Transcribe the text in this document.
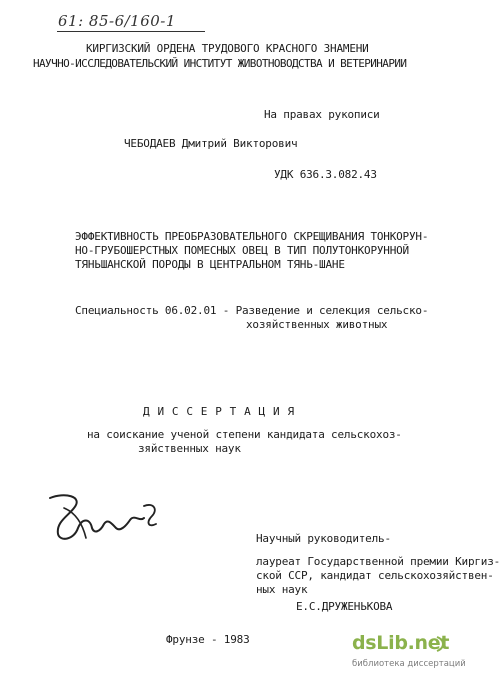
61: 85-6/160-1
КИРГИЗСКИЙ ОРДЕНА ТРУДОВОГО КРАСНОГО ЗНАМЕНИ
НАУЧНО-ИССЛЕДОВАТЕЛЬСКИЙ ИНСТИТУТ ЖИВОТНОВОДСТВА И ВЕТЕРИНАРИИ
На правах рукописи
ЧЕБОДАЕВ Дмитрий Викторович
УДК 636.3.082.43
ЭФФЕКТИВНОСТЬ ПРЕОБРАЗОВАТЕЛЬНОГО СКРЕЩИВАНИЯ ТОНКОРУН-
НО-ГРУБОШЕРСТНЫХ ПОМЕСНЫХ ОВЕЦ В ТИП ПОЛУТОНКОРУННОЙ
ТЯНЬШАНСКОЙ ПОРОДЫ В ЦЕНТРАЛЬНОМ ТЯНЬ-ШАНЕ
Специальность 06.02.01 - Разведение и селекция сельско-
хозяйственных животных
Д И С С Е Р Т А Ц И Я
на соискание ученой степени кандидата сельскохоз-
зяйственных наук
Научный руководитель-
лауреат Государственной премии Киргиз-
ской ССР, кандидат сельскохозяйствен-
ных наук
Е.С.ДРУЖЕНЬКОВА
Фрунзе - 1983	dsLib.net
библиотека диссертаций
